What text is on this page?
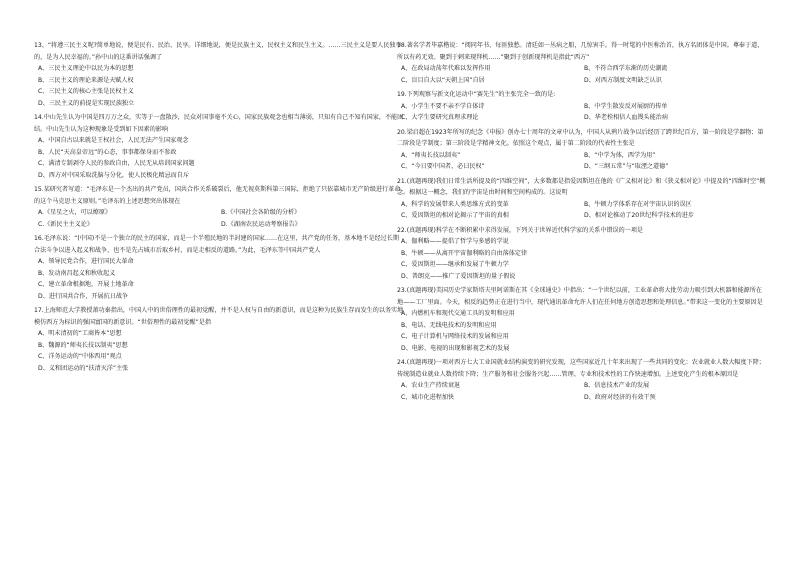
13、“将遵三民主义呢?简单地说，便是民有、民治、民享。详细地说，便是民族主义，民权主义和民生主义。……三民主义是要人民独享的，是为人民幸福的。”孙中山的这番讲话强调了
A、三民主义理论中以民为本的思想
B、三民主义的理论来源是天赋人权
C、三民主义的核心主张是民权主义
D、三民主义的前提是实现民族独立
14.中山先生认为中国是四万万之众，实等于一盘散沙，民众对国事毫不关心，国家民族观念也相当薄弱，只知有自己不知有国家，不能团结。中山先生认为这种现象是受到如下因素的影响
A、中国自古以来就是王权社会，人民无法产生国家观念
B、人民“天高皇帝远”的心态，事事都保身而不参政
C、满清专制剥夺人民的参政自由，人民无从培训国家问题
D、西方对中国采取洗脑与分化，使人民极化精忌而自斥
15.某研究者写道：“毛泽东是一个杰出的共产党员，国共合作关系破裂后，他无视莫斯科第三国际，拒绝了只依靠城市无产阶级进行革命的这个马克思主义原则。”毛泽东的上述思想突出体现在
A.《星星之火，可以燎原》	B.《中国社会各阶级的分析》
C.《新民主主义论》	D.《湖南农民运动考察报告》
16.毛泽东说：“(中国)不是一个独立的民主的国家，而是一个半殖民地的半封建的国家……在这里，共产党的任务，基本地不是经过长期合法斗争以进入起义和战争，也不是先占城市后取乡村，而是走相反的道路。”为此，毛泽东等中国共产党人
A、领导民党合作，进行国民大革命
B、发动南昌起义和秋收起义
C、建立革命根据地，开展土地革命
D、进行国共合作，开展抗日战争
17.上海师范大学教授萧功秦指出，中国人中的世俗理性的最初觉醒，并不是人权与自由的新意识，而是这种为民族生存而发生的以务实地模仿西方为标识的强国富国的新意识。“世俗理性的最初觉醒”是指
A、明末清初的“工商皆本”思想
B、魏源的“师夷长技以制夷”思想
C、洋务运动的“中体西用”观点
D、义和团运动的“扶清灭洋”主张
18.著名学者毕嘉楷说：“阅同年书，每匪独愁。清廷如一丛病之船，几惊害手。得一时髦的中医称治首，执方名团体是中国。尊奉于道，所以有药无效。聚到于刺来现拜机……”聚到于创新现拜机是指此“西方”
A、在政局动荡年代难以发挥作用	B、不符合西学东渐的历史潮流
C、盲目自大以“天朝上国”自居	D、对西方制度文明缺乏认识
19.下列观察与新文化运动中“赛先生”的主张完全一致的是:
A、小学生不要不亲不学自体诗	B、中学生散发反对展厨的传单
C、大学生要研究真理求理论	D、华老栓相信人血馒头能治病
20.梁启超在1923年所写的纪念《申报》创办七十周年的文章中认为，中国人从鸦片战争以后经历了跨世纪百方，第一阶段是学器物；第二阶段是学制度；第三阶段是学精神文化。依照这个观点，属于第二阶段的代表性主张是
A、“师夷长技以制夷”	B、“中学为体，西学为用”
C、“今日要中国者，必曰民权”	D、“三纲五常”与“取湮之道德”
21.(真题再现)我们日常生活所提及的“四维空间”，大多数都是指爱因斯坦在他的《广义相对论》和《狭义相对论》中提及的“四维时空”概念。根据这一概念，我们的宇宙是由时间和空间构成的。这说明
A、科学的发展带来人类思维方式的变革	B、牛顿力学体系存在对宇宙认识的误区
C、爱因斯坦的相对论揭示了宇宙的真相	D、相对论推动了20世纪科学技术的进步
22.(真题再现)科学在不断积累中求得发展，下列关于世界近代科学家的关系中错误的一项是
A、伽利略——提倡了哲学与多感的学说
B、牛顿——从离开宇宙伽利略的自由落体定律
C、爱因斯坦——继承和发展了牛顿力学
D、普朗克——推广了爱因斯坦的量子假说
23.(真题再现)美国历史学家斯塔夫里阿诺斯在其《全球通史》中指出：“一个世纪以前，工业革命将大批劳动力吸引到大机器和能源所在地——工厂里面。今天，相反的趋势正在进行当中，现代通讯革命允许人们在任何地方创造思想和处理信息。”带来这一变化的主要原因是
A、内燃机车和现代交通工具的发明和应用
B、电话、无线电技术的发明和应用
C、电子计算机与网络技术的发展和应用
D、电影、电视的出现和影视艺术的发展
24.(真题再现)一项对西方七大工业国就业结构演变的研究发现，这些国家近几十年来出现了一些共同的变化：农业就业人数大幅度下降；传统制造业就业人数持续下降；生产服务和社会服务兴起……管理、专业和技术性的工作快速增加。上述变化产生的根本原因是
A、农业生产持续衰退	B、信息技术产业的发展
C、城市化进程加快	D、政府对经济的有效干预
